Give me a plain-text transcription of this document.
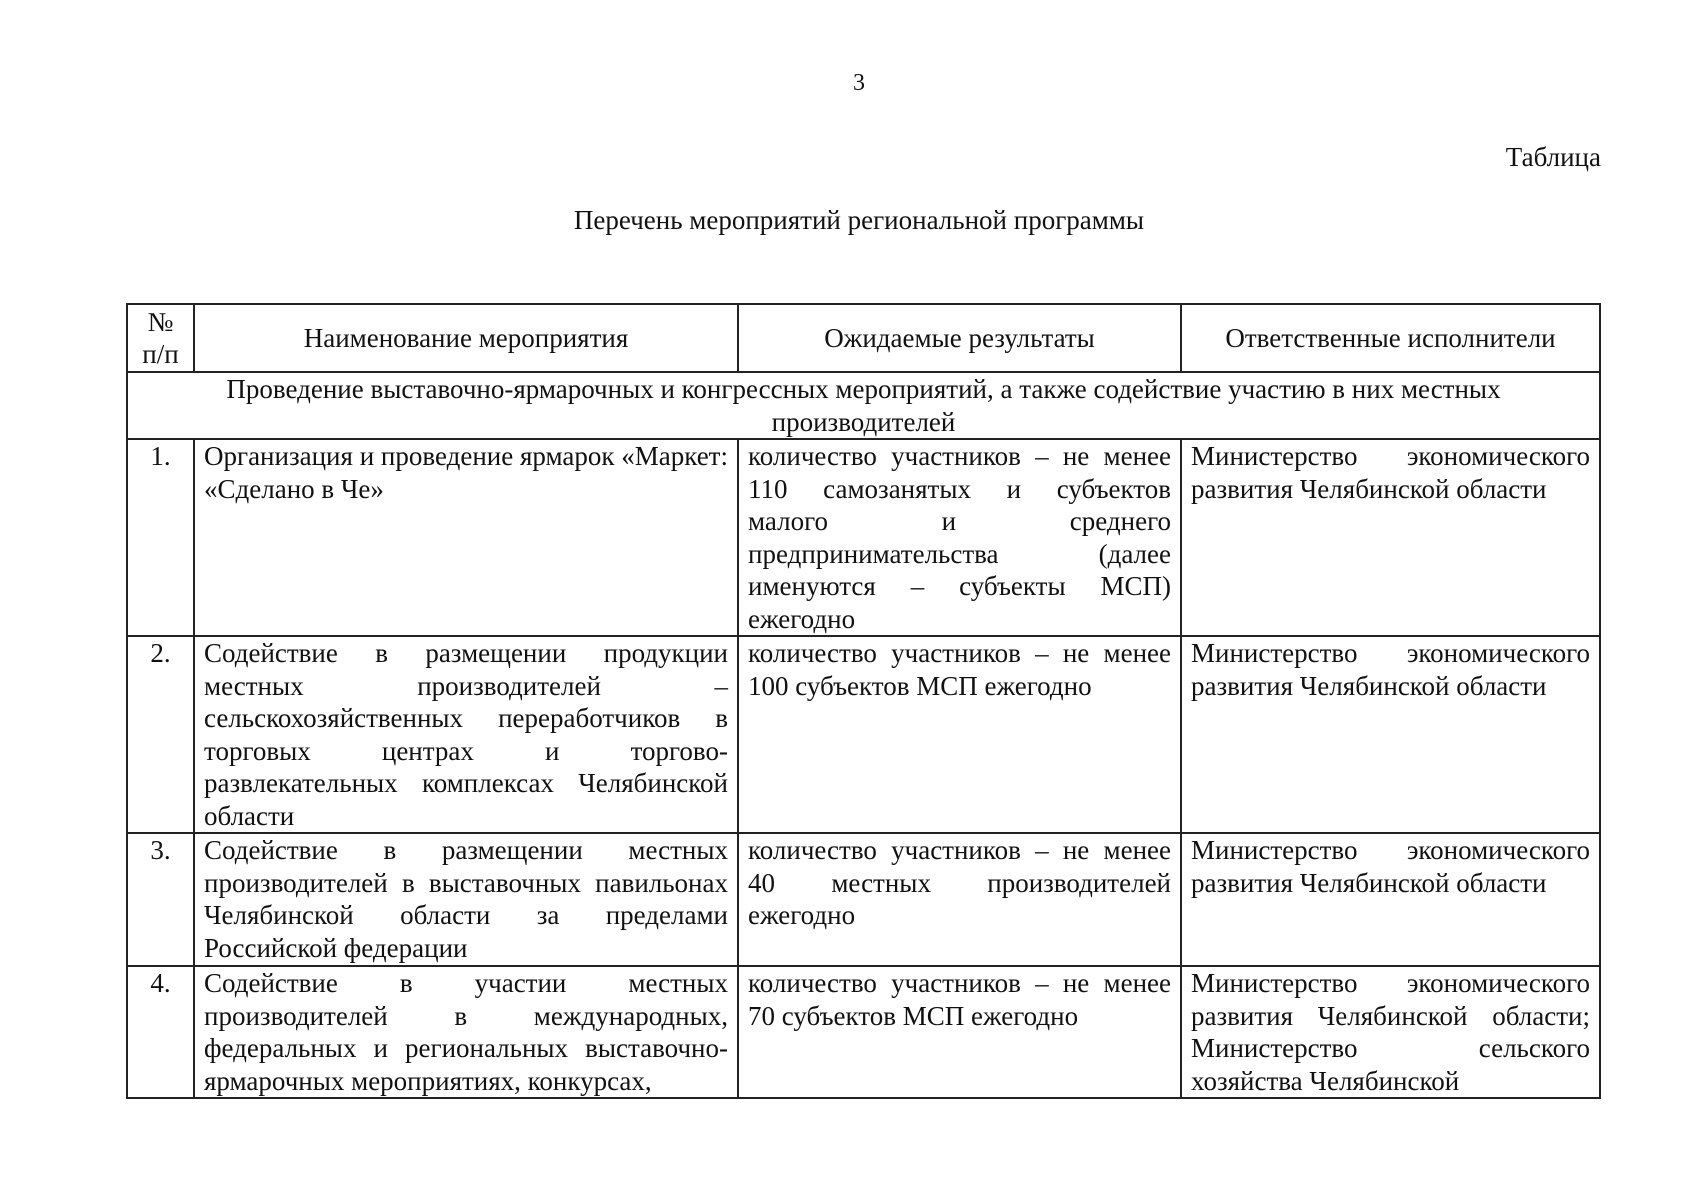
3
Таблица
Перечень мероприятий региональной программы
№
п/п	Наименование мероприятия	Ожидаемые результаты	Ответственные исполнители
Проведение выставочно-ярмарочных и конгрессных мероприятий, а также содействие участию в них местных производителей			
1.	Организация и проведение ярмарок «Маркет: «Сделано в Че»	количество участников – не менее 110 самозанятых и субъектов малого и среднего предпринимательства (далее именуются – субъекты МСП) ежегодно	Министерство экономического развития Челябинской области
2.	Содействие в размещении продукции местных производителей – сельскохозяйственных переработчиков в торговых центрах и торгово-развлекательных комплексах Челябинской области	количество участников – не менее 100 субъектов МСП ежегодно	Министерство экономического развития Челябинской области
3.	Содействие в размещении местных производителей в выставочных павильонах Челябинской области за пределами Российской федерации	количество участников – не менее 40 местных производителей ежегодно	Министерство экономического развития Челябинской области
4.	Содействие в участии местных производителей в международных, федеральных и региональных выставочно-ярмарочных мероприятиях, конкурсах,	количество участников – не менее 70 субъектов МСП ежегодно	Министерство экономического развития Челябинской области; Министерство сельского хозяйства Челябинской
